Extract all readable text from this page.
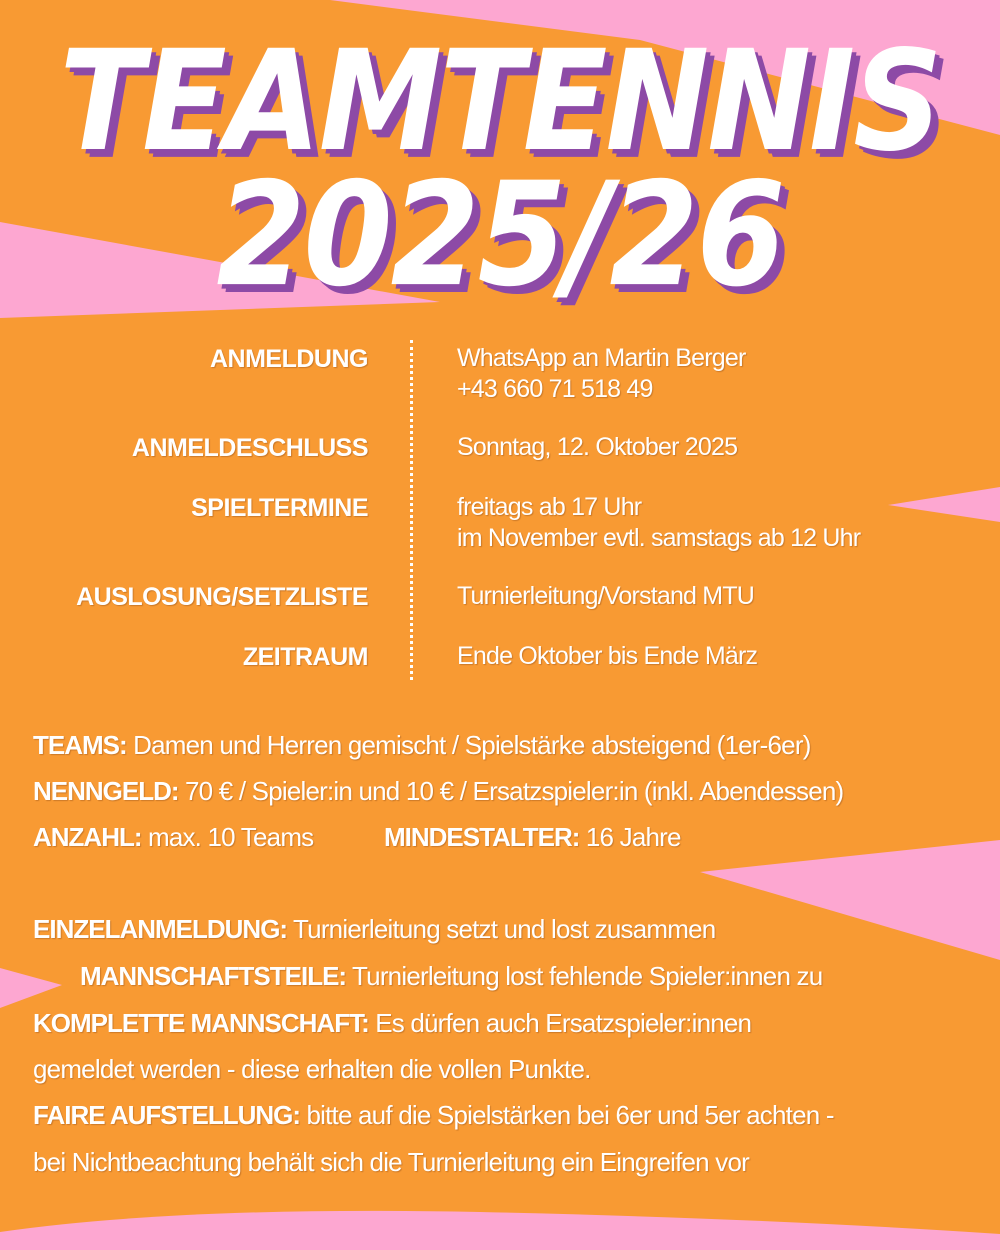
TEAMTENNIS
2025/26
ANMELDUNG	WhatsApp an Martin Berger
+43 660 71 518 49
ANMELDESCHLUSS	Sonntag, 12. Oktober 2025
SPIELTERMINE	freitags ab 17 Uhr
im November evtl. samstags ab 12 Uhr
AUSLOSUNG/SETZLISTE	Turnierleitung/Vorstand MTU
ZEITRAUM	Ende Oktober bis Ende März
TEAMS: Damen und Herren gemischt / Spielstärke absteigend (1er-6er)
NENNGELD: 70 € / Spieler:in und 10 € / Ersatzspieler:in (inkl. Abendessen)
ANZAHL: max. 10 Teams	MINDESTALTER: 16 Jahre
EINZELANMELDUNG: Turnierleitung setzt und lost zusammen
MANNSCHAFTSTEILE: Turnierleitung lost fehlende Spieler:innen zu
KOMPLETTE MANNSCHAFT: Es dürfen auch Ersatzspieler:innen
gemeldet werden - diese erhalten die vollen Punkte.
FAIRE AUFSTELLUNG: bitte auf die Spielstärken bei 6er und 5er achten -
bei Nichtbeachtung behält sich die Turnierleitung ein Eingreifen vor
